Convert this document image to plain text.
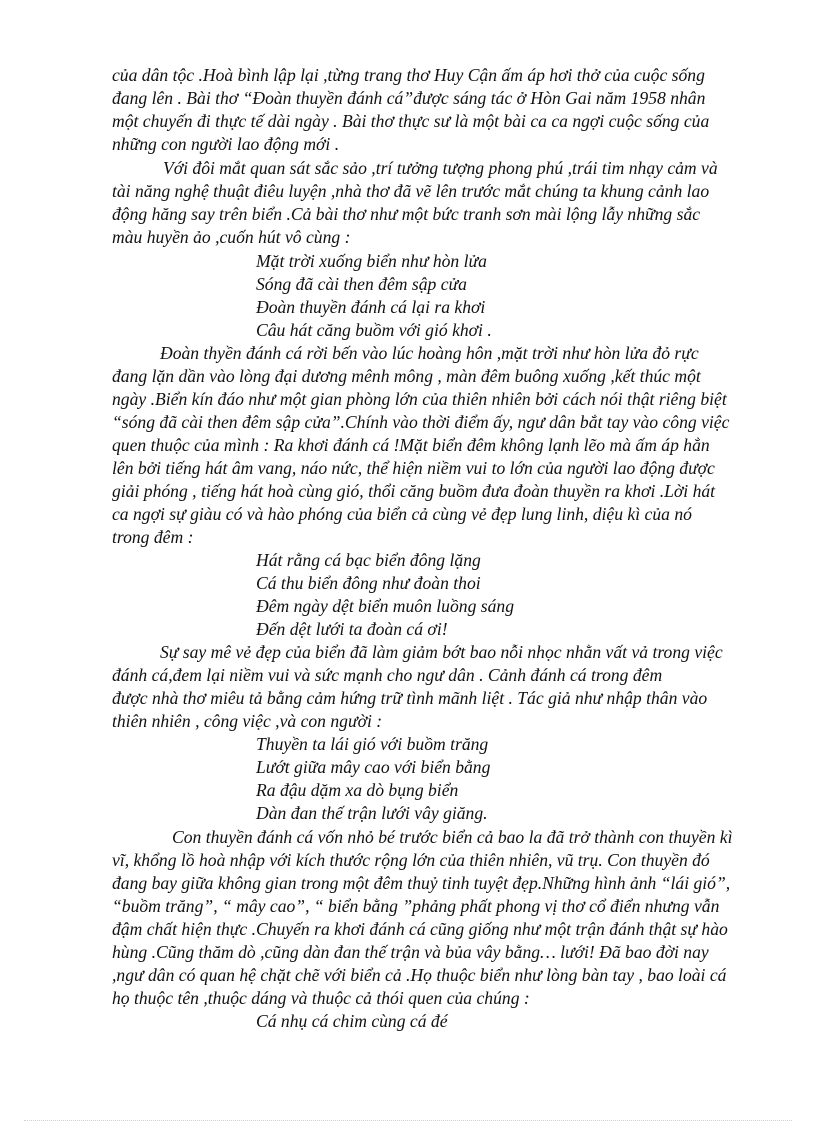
của dân tộc .Hoà bình lập lại ,từng trang thơ Huy Cận ấm áp hơi thở của cuộc sống

đang lên . Bài thơ “Đoàn thuyền đánh cá”được sáng tác ở Hòn Gai năm 1958 nhân

một chuyến đi thực tế dài ngày . Bài thơ thực sư là một bài ca ca ngợi cuộc sống của

những con người lao động mới .

Với đôi mắt quan sát sắc sảo ,trí tưởng tượng phong phú ,trái tim nhạy cảm và

tài năng nghệ thuật điêu luyện ,nhà thơ đã vẽ lên trước mắt chúng ta khung cảnh lao

động hăng say trên biển .Cả bài thơ như một bức tranh sơn mài lộng lẫy những sắc

màu huyền ảo ,cuốn hút vô cùng :

Mặt trời xuống biển như hòn lửa

Sóng đã cài then đêm sập cửa

Đoàn thuyền đánh cá lại ra khơi

Câu hát căng buồm với gió khơi .

Đoàn thyền đánh cá rời bến vào lúc hoàng hôn ,mặt trời như hòn lửa đỏ rực

đang lặn dần vào lòng đại dương mênh mông , màn đêm buông xuống ,kết thúc một

ngày .Biển kín đáo như một gian phòng lớn của thiên nhiên bởi cách nói thật riêng biệt

“sóng đã cài then đêm sập cửa”.Chính vào thời điểm ấy, ngư dân bắt tay vào công việc

quen thuộc của mình : Ra khơi đánh cá !Mặt biển đêm không lạnh lẽo mà ấm áp hẳn

lên bởi tiếng hát âm vang, náo nức, thể hiện niềm vui to lớn của người lao động được

giải phóng , tiếng hát hoà cùng gió, thổi căng buồm đưa đoàn thuyền ra khơi .Lời hát

ca ngợi sự giàu có và hào phóng của biển cả cùng vẻ đẹp lung linh, diệu kì của nó

trong đêm :

Hát rằng cá bạc biển đông lặng

Cá thu biển đông như đoàn thoi

Đêm ngày dệt biển muôn luồng sáng

Đến dệt lưới ta đoàn cá ơi!

Sự say mê vẻ đẹp của biển đã làm giảm bớt bao nỗi nhọc nhằn vất vả trong việc

đánh cá,đem lại niềm vui và sức mạnh cho ngư dân . Cảnh đánh cá trong đêm

được nhà thơ miêu tả bằng cảm hứng trữ tình mãnh liệt . Tác giả như nhập thân vào

thiên nhiên , công việc ,và con người :

Thuyền ta lái gió với buồm trăng

Lướt giữa mây cao với biển bằng

Ra đậu dặm xa dò bụng biển

Dàn đan thế trận lưới vây giăng.

Con thuyền đánh cá vốn nhỏ bé trước biển cả bao la đã trở thành con thuyền kì

vĩ, khổng lồ hoà nhập với kích thước rộng lớn của thiên nhiên, vũ trụ. Con thuyền đó

đang bay giữa không gian trong một đêm thuỷ tinh tuyệt đẹp.Những hình ảnh “lái gió”,

“buồm trăng”, “ mây cao”, “ biển bằng ”phảng phất phong vị thơ cổ điển nhưng vẫn

đậm chất hiện thực .Chuyến ra khơi đánh cá cũng giống như một trận đánh thật sự hào

hùng .Cũng thăm dò ,cũng dàn đan thế trận và bủa vây bằng… lưới! Đã bao đời nay

,ngư dân có quan hệ chặt chẽ với biển cả .Họ thuộc biển như lòng bàn tay , bao loài cá

họ thuộc tên ,thuộc dáng và thuộc cả thói quen của chúng :

Cá nhụ cá chim cùng cá đé
